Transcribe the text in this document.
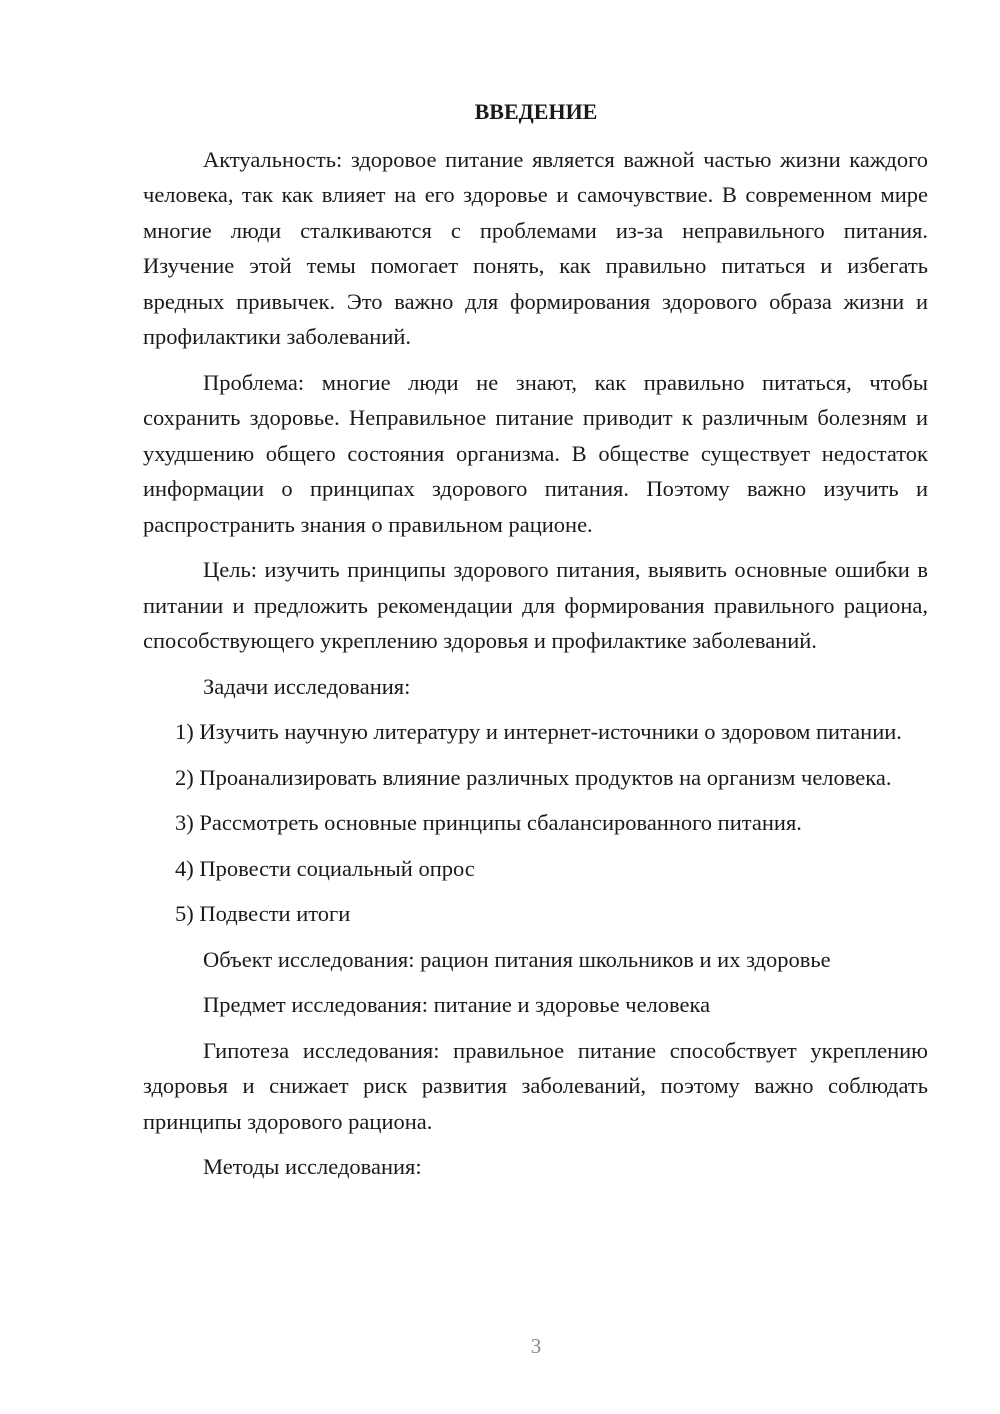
ВВЕДЕНИЕ

Актуальность: здоровое питание является важной частью жизни каждого человека, так как влияет на его здоровье и самочувствие. В современном мире многие люди сталкиваются с проблемами из-за неправильного питания. Изучение этой темы помогает понять, как правильно питаться и избегать вредных привычек. Это важно для формирования здорового образа жизни и профилактики заболеваний.

Проблема: многие люди не знают, как правильно питаться, чтобы сохранить здоровье. Неправильное питание приводит к различным болезням и ухудшению общего состояния организма. В обществе существует недостаток информации о принципах здорового питания. Поэтому важно изучить и распространить знания о правильном рационе.

Цель: изучить принципы здорового питания, выявить основные ошибки в питании и предложить рекомендации для формирования правильного рациона, способствующего укреплению здоровья и профилактике заболеваний.

Задачи исследования:

1) Изучить научную литературу и интернет-источники о здоровом питании.

2) Проанализировать влияние различных продуктов на организм человека.

3) Рассмотреть основные принципы сбалансированного питания.

4) Провести социальный опрос

5) Подвести итоги

Объект исследования: рацион питания школьников и их здоровье

Предмет исследования: питание и здоровье человека

Гипотеза исследования: правильное питание способствует укреплению здоровья и снижает риск развития заболеваний, поэтому важно соблюдать принципы здорового рациона.

Методы исследования:

3
